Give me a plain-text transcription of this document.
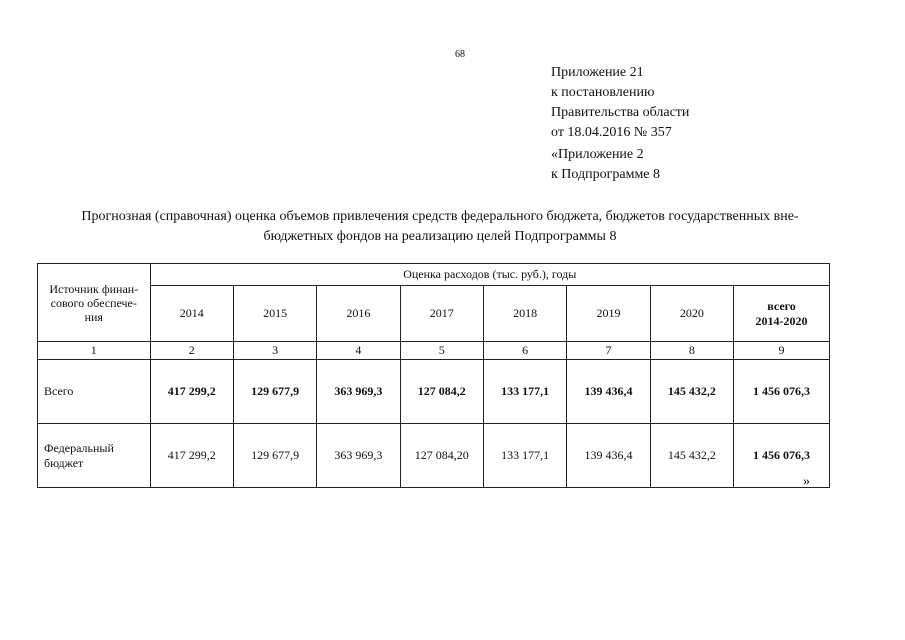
68
Приложение 21
к постановлению
Правительства области
от 18.04.2016 № 357
«Приложение 2
к Подпрограмме 8
Прогнозная (справочная) оценка объемов привлечения средств федерального бюджета, бюджетов государственных вне-
бюджетных фондов на реализацию целей Подпрограммы 8
Источник финан-
сового обеспече-
ния	Оценка расходов (тыс. руб.), годы							
	2014	2015	2016	2017	2018	2019	2020	всего
2014-2020

1	2	3	4	5	6	7	8	9
Всего	417 299,2	129 677,9	363 969,3	127 084,2	133 177,1	139 436,4	145 432,2	1 456 076,3

Федеральный
бюджет	417 299,2	129 677,9	363 969,3	127 084,20	133 177,1	139 436,4	145 432,2	1 456 076,3
»
